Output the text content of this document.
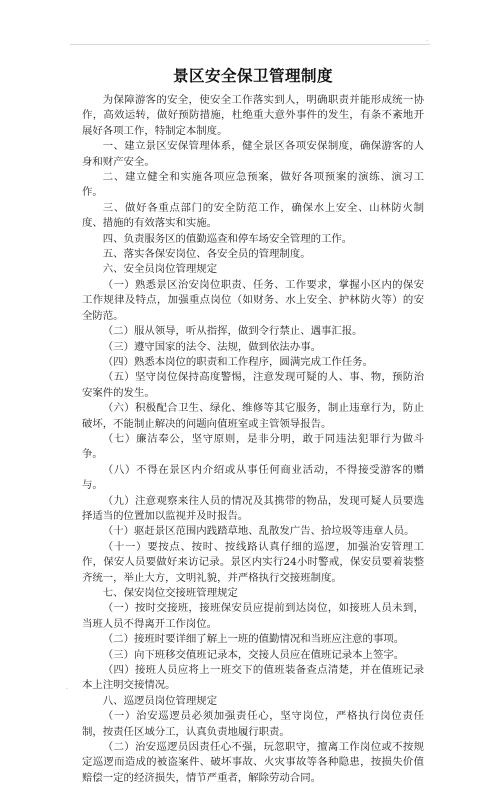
·
景区安全保卫管理制度

为保障游客的安全，使安全工作落实到人，明确职责并能形成统一协作，高效运转，做好预防措施，杜绝重大意外事件的发生，有条不紊地开展好各项工作，特制定本制度。

一、建立景区安保管理体系，健全景区各项安保制度，确保游客的人身和财产安全。

二、建立健全和实施各项应急预案，做好各项预案的演练、演习工作。

三、做好各重点部门的安全防范工作，确保水上安全、山林防火制度、措施的有效落实和实施。

四、负责服务区的值勤巡查和停车场安全管理的工作。

五、落实各保安岗位、各安全员的管理制度。

六、安全员岗位管理规定

（一）熟悉景区治安岗位职责、任务、工作要求，掌握小区内的保安工作规律及特点，加强重点岗位（如财务、水上安全、护林防火等）的安全防范。

（二）服从领导，听从指挥，做到令行禁止、遇事汇报。

（三）遵守国家的法令、法规，做到依法办事。

（四）熟悉本岗位的职责和工作程序，圆满完成工作任务。

（五）坚守岗位保持高度警惕，注意发现可疑的人、事、物，预防治安案件的发生。

（六）积极配合卫生、绿化、维修等其它服务，制止违章行为，防止破坏，不能制止解决的问题向值班室或主管领导报告。

（七）廉洁奉公，坚守原则，是非分明，敢于同违法犯罪行为做斗争。

（八）不得在景区内介绍或从事任何商业活动，不得接受游客的赠与。

（九）注意观察来往人员的情况及其携带的物品，发现可疑人员要选择适当的位置加以监视并及时报告。

（十）驱赶景区范围内践踏草地、乱散发广告、拾垃圾等违章人员。

（十一）要按点、按时、按线路认真仔细的巡逻，加强治安管理工作，保安人员要做好来访记录。景区内实行24小时警戒，保安员要着装整齐统一，举止大方，文明礼貌，并严格执行交接班制度。

七、保安岗位交接班管理规定

（一）按时交接班，接班保安员应提前到达岗位，如接班人员未到，当班人员不得离开工作岗位。

（二）接班时要详细了解上一班的值勤情况和当班应注意的事项。

（三）向下班移交值班记录本，交接人员应在值班记录本上签字。

（四）接班人员应将上一班交下的值班装备查点清楚，并在值班记录本上注明交接情况。

八、巡逻员岗位管理规定

（一）治安巡逻员必须加强责任心，坚守岗位，严格执行岗位责任制，按责任区域分工，认真负责地履行职责。

（二）治安巡逻员因责任心不强，玩忽职守，擅离工作岗位或不按规定巡逻而造成的被盗案件、破坏事故、火灾事故等各种隐患，按损失价值赔偿一定的经济损失，情节严重者，解除劳动合同。

·
